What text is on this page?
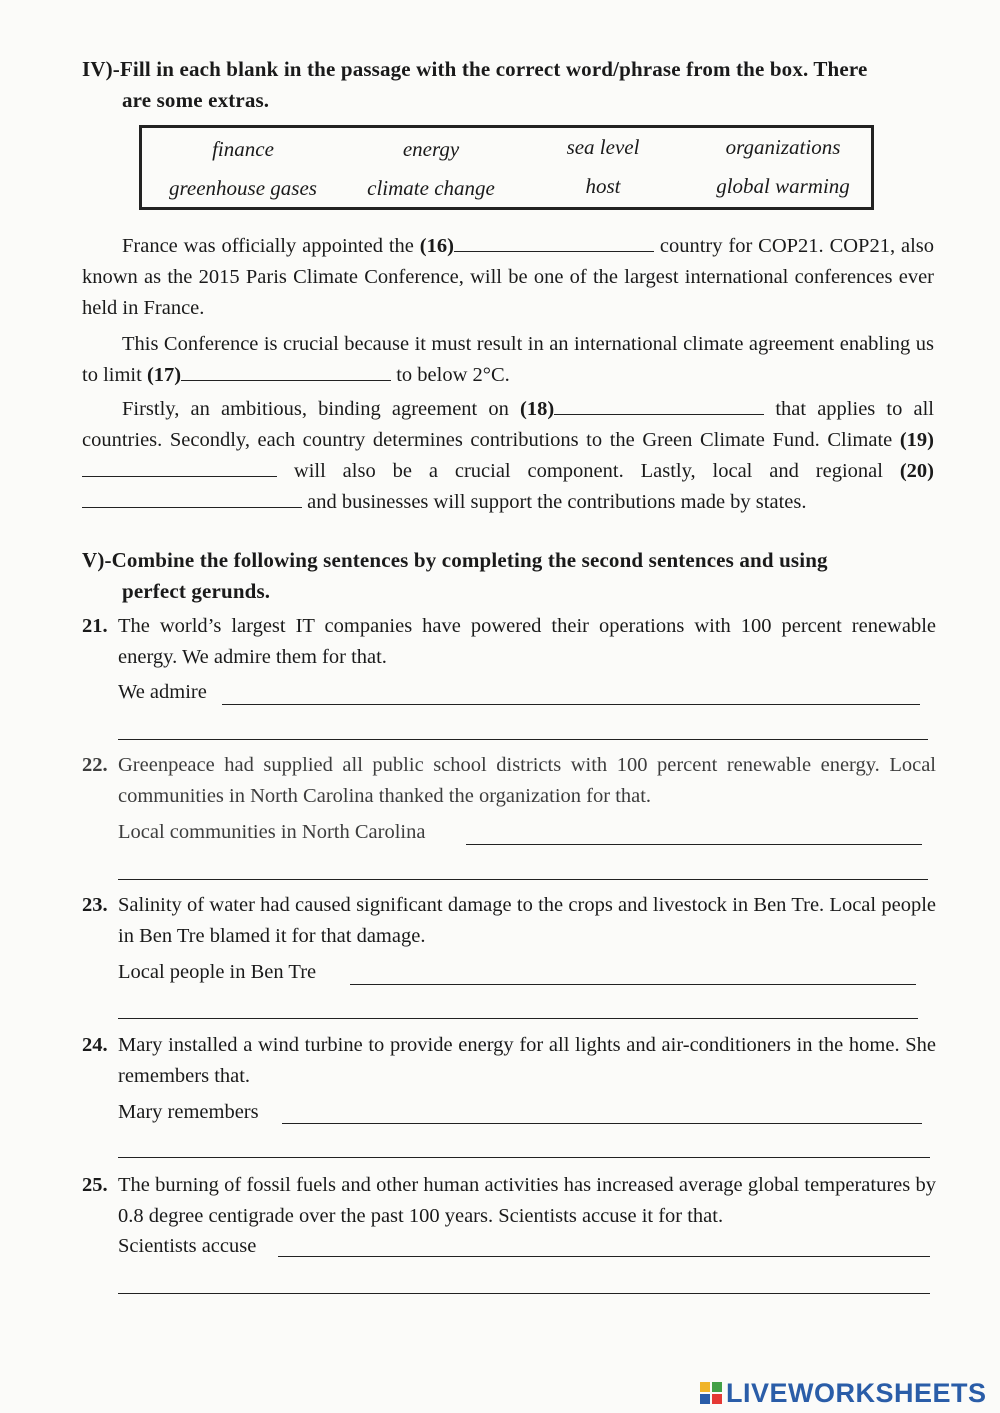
IV)-Fill in each blank in the passage with the correct word/phrase from the box. There
are some extras.
finance	energy	sea level	organizations
greenhouse gases	climate change	host	global warming

France was officially appointed the (16)	country for COP21. COP21, also known as the 2015 Paris Climate Conference, will be one of the largest international conferences ever held in France.

This Conference is crucial because it must result in an international climate agreement enabling us to limit (17)	to below 2°C.

Firstly, an ambitious, binding agreement on (18)	that applies to all countries. Secondly, each country determines contributions to the Green Climate Fund. Climate (19) will also be a crucial component. Lastly, local and regional (20) and businesses will support the contributions made by states.

V)-Combine the following sentences by completing the second sentences and using
perfect gerunds.
21. The world’s largest IT companies have powered their operations with 100 percent renewable energy. We admire them for that.
We admire
22. Greenpeace had supplied all public school districts with 100 percent renewable energy. Local communities in North Carolina thanked the organization for that.
Local communities in North Carolina
23. Salinity of water had caused significant damage to the crops and livestock in Ben Tre. Local people in Ben Tre blamed it for that damage.
Local people in Ben Tre
24. Mary installed a wind turbine to provide energy for all lights and air-conditioners in the home. She remembers that.
Mary remembers
25. The burning of fossil fuels and other human activities has increased average global temperatures by 0.8 degree centigrade over the past 100 years. Scientists accuse it for that.
Scientists accuse
LIVEWORKSHEETS
